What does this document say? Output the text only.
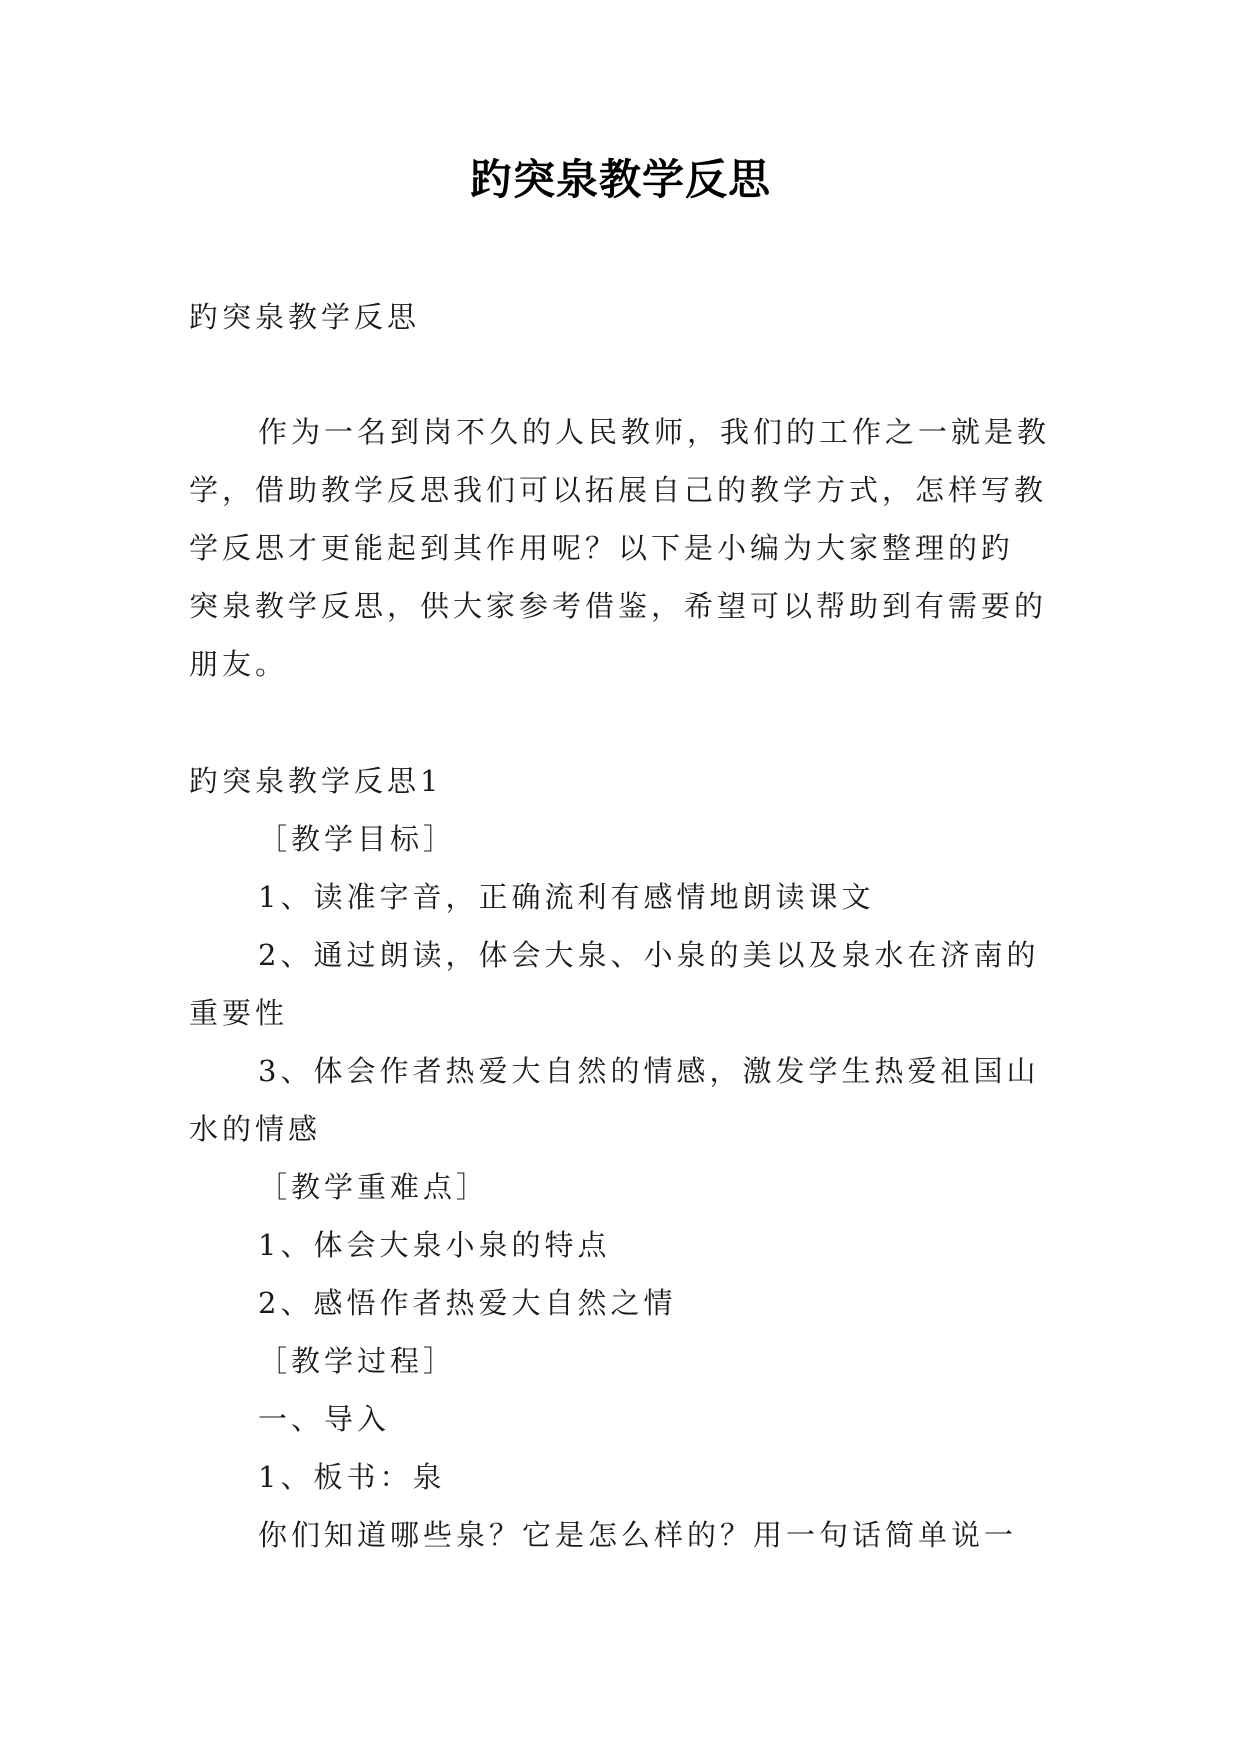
趵突泉教学反思
趵突泉教学反思
作为一名到岗不久的人民教师，我们的工作之一就是教
学，借助教学反思我们可以拓展自己的教学方式，怎样写教
学反思才更能起到其作用呢？以下是小编为大家整理的趵
突泉教学反思，供大家参考借鉴，希望可以帮助到有需要的
朋友。
趵突泉教学反思1
［教学目标］
1、读准字音，正确流利有感情地朗读课文
2、通过朗读，体会大泉、小泉的美以及泉水在济南的
重要性
3、体会作者热爱大自然的情感，激发学生热爱祖国山
水的情感
［教学重难点］
1、体会大泉小泉的特点
2、感悟作者热爱大自然之情
［教学过程］
一、导入
1、板书：泉
你们知道哪些泉？它是怎么样的？用一句话简单说一
